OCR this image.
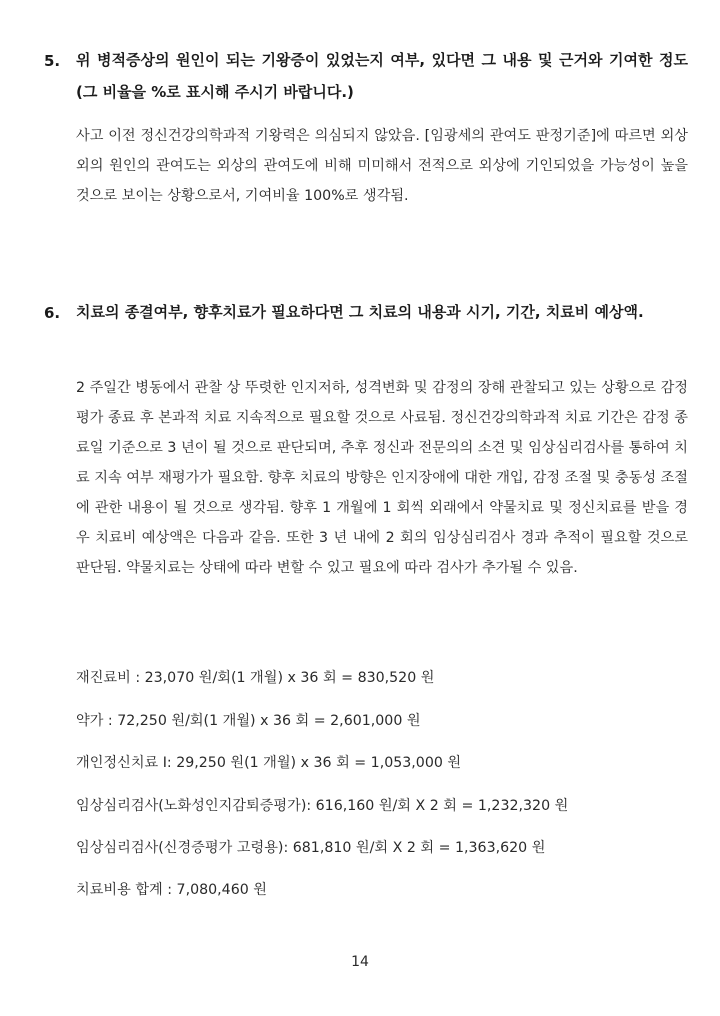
5. 위 병적증상의 원인이 되는 기왕증이 있었는지 여부, 있다면 그 내용 및 근거와 기여한 정도(그 비율을 %로 표시해 주시기 바랍니다.)
사고 이전 정신건강의학과적 기왕력은 의심되지 않았음. [임광세의 관여도 판정기준]에 따르면 외상 외의 원인의 관여도는 외상의 관여도에 비해 미미해서 전적으로 외상에 기인되었을 가능성이 높을 것으로 보이는 상황으로서, 기여비율 100%로 생각됨.
6. 치료의 종결여부, 향후치료가 필요하다면 그 치료의 내용과 시기, 기간, 치료비 예상액.
2 주일간 병동에서 관찰 상 뚜렷한 인지저하, 성격변화 및 감정의 장해 관찰되고 있는 상황으로 감정평가 종료 후 본과적 치료 지속적으로 필요할 것으로 사료됨. 정신건강의학과적 치료 기간은 감정 종료일 기준으로 3 년이 될 것으로 판단되며, 추후 정신과 전문의의 소견 및 임상심리검사를 통하여 치료 지속 여부 재평가가 필요함. 향후 치료의 방향은 인지장애에 대한 개입, 감정 조절 및 충동성 조절에 관한 내용이 될 것으로 생각됨. 향후 1 개월에 1 회씩 외래에서 약물치료 및 정신치료를 받을 경우 치료비 예상액은 다음과 같음. 또한 3 년 내에 2 회의 임상심리검사 경과 추적이 필요할 것으로 판단됨. 약물치료는 상태에 따라 변할 수 있고 필요에 따라 검사가 추가될 수 있음.
재진료비 : 23,070 원/회(1 개월) x 36 회 = 830,520 원
약가 : 72,250 원/회(1 개월) x 36 회 = 2,601,000 원
개인정신치료 I: 29,250 원(1 개월) x 36 회 = 1,053,000 원
임상심리검사(노화성인지감퇴증평가): 616,160 원/회 X 2 회 = 1,232,320 원
임상심리검사(신경증평가 고령용): 681,810 원/회 X 2 회 = 1,363,620 원
치료비용 합계 : 7,080,460 원
14
